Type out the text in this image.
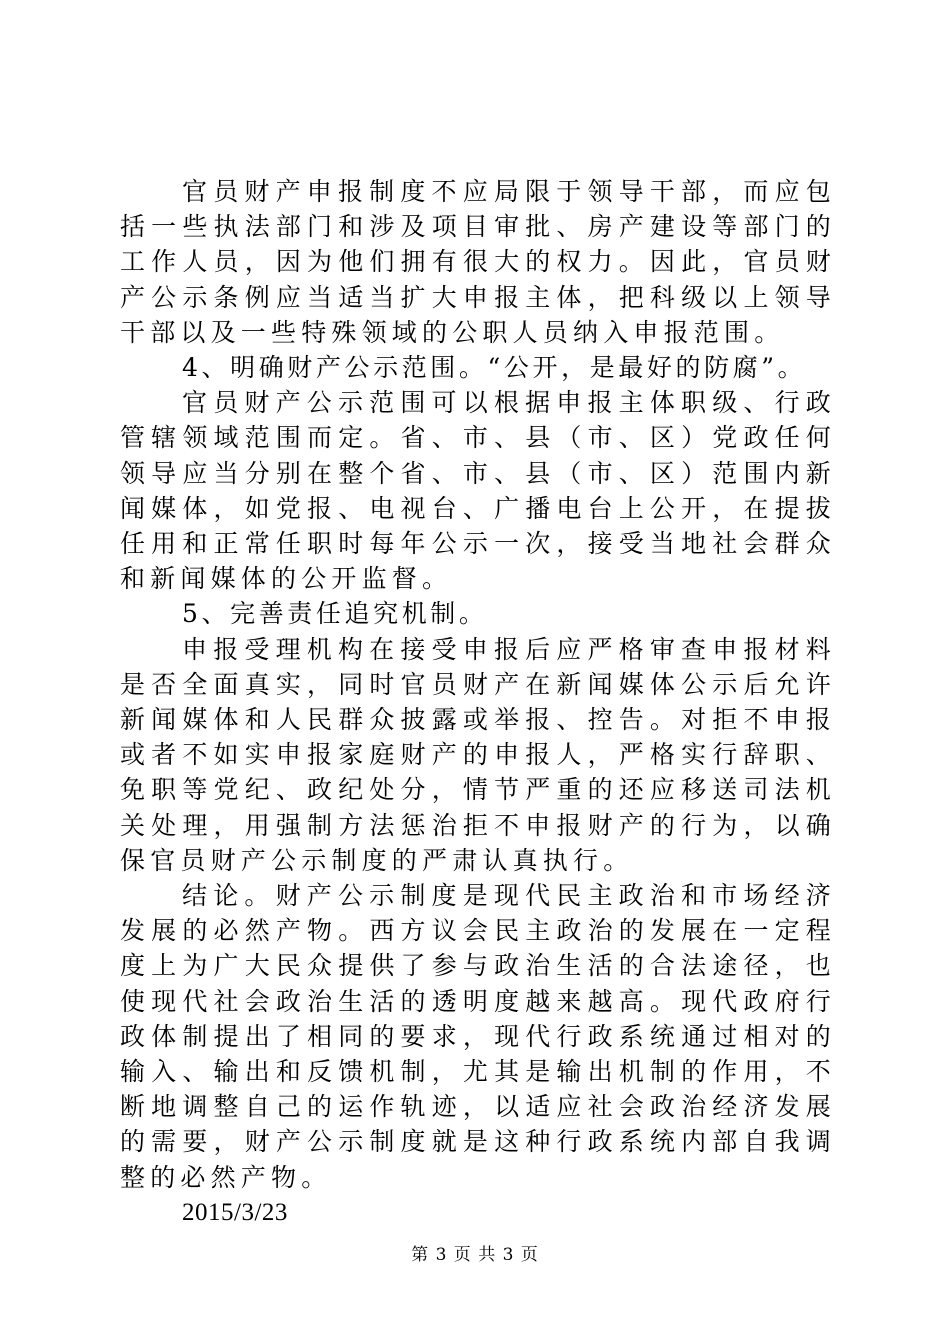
官员财产申报制度不应局限于领导干部，而应包括一些执法部门和涉及项目审批、房产建设等部门的工作人员，因为他们拥有很大的权力。因此，官员财产公示条例应当适当扩大申报主体，把科级以上领导干部以及一些特殊领域的公职人员纳入申报范围。

4、明确财产公示范围。“公开，是最好的防腐”。

官员财产公示范围可以根据申报主体职级、行政管辖领域范围而定。省、市、县（市、区）党政任何领导应当分别在整个省、市、县（市、区）范围内新闻媒体，如党报、电视台、广播电台上公开，在提拔任用和正常任职时每年公示一次，接受当地社会群众和新闻媒体的公开监督。

5、完善责任追究机制。

申报受理机构在接受申报后应严格审查申报材料是否全面真实，同时官员财产在新闻媒体公示后允许新闻媒体和人民群众披露或举报、控告。对拒不申报或者不如实申报家庭财产的申报人，严格实行辞职、免职等党纪、政纪处分，情节严重的还应移送司法机关处理，用强制方法惩治拒不申报财产的行为，以确保官员财产公示制度的严肃认真执行。

结论。财产公示制度是现代民主政治和市场经济发展的必然产物。西方议会民主政治的发展在一定程度上为广大民众提供了参与政治生活的合法途径，也使现代社会政治生活的透明度越来越高。现代政府行政体制提出了相同的要求，现代行政系统通过相对的输入、输出和反馈机制，尤其是输出机制的作用，不断地调整自己的运作轨迹，以适应社会政治经济发展的需要，财产公示制度就是这种行政系统内部自我调整的必然产物。

2015/3/23

第 3 页 共 3 页
